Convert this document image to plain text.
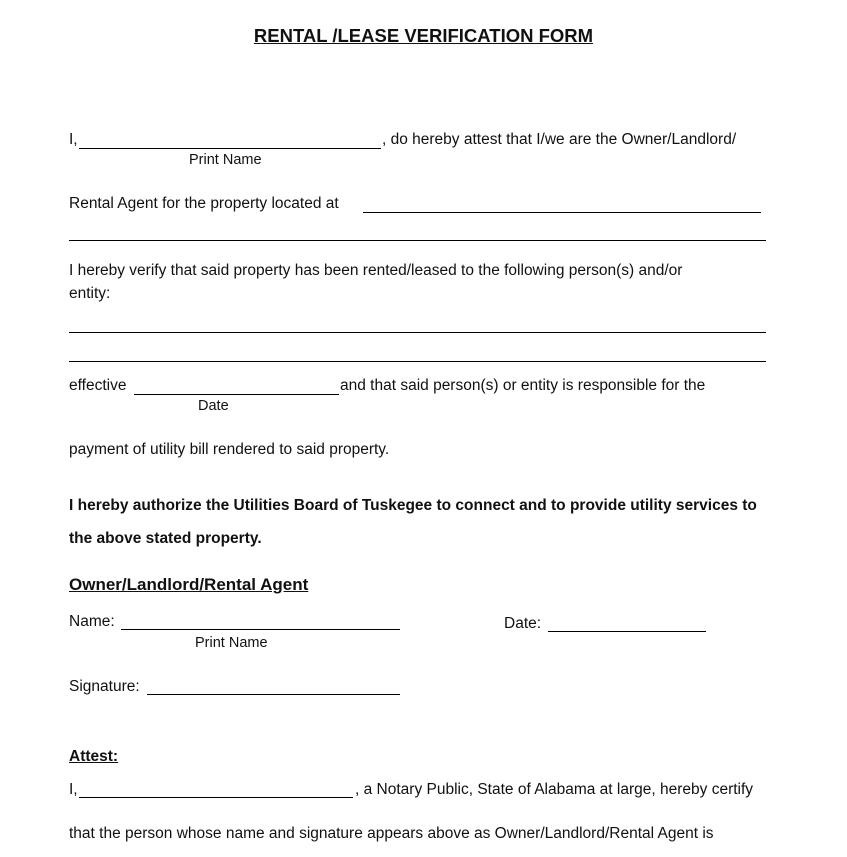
RENTAL /LEASE VERIFICATION FORM
I,	, do hereby attest that I/we are the Owner/Landlord/
Print Name
Rental Agent for the property located at
I hereby verify that said property has been rented/leased to the following person(s) and/or
entity:
effective	and that said person(s) or entity is responsible for the
Date
payment of utility bill rendered to said property.
I hereby authorize the Utilities Board of Tuskegee to connect and to provide utility services to
the above stated property.
Owner/Landlord/Rental Agent
Name:
Print Name
Date:
Signature:
Attest:
I,	, a Notary Public, State of Alabama at large, hereby certify
that the person whose name and signature appears above as Owner/Landlord/Rental Agent is
